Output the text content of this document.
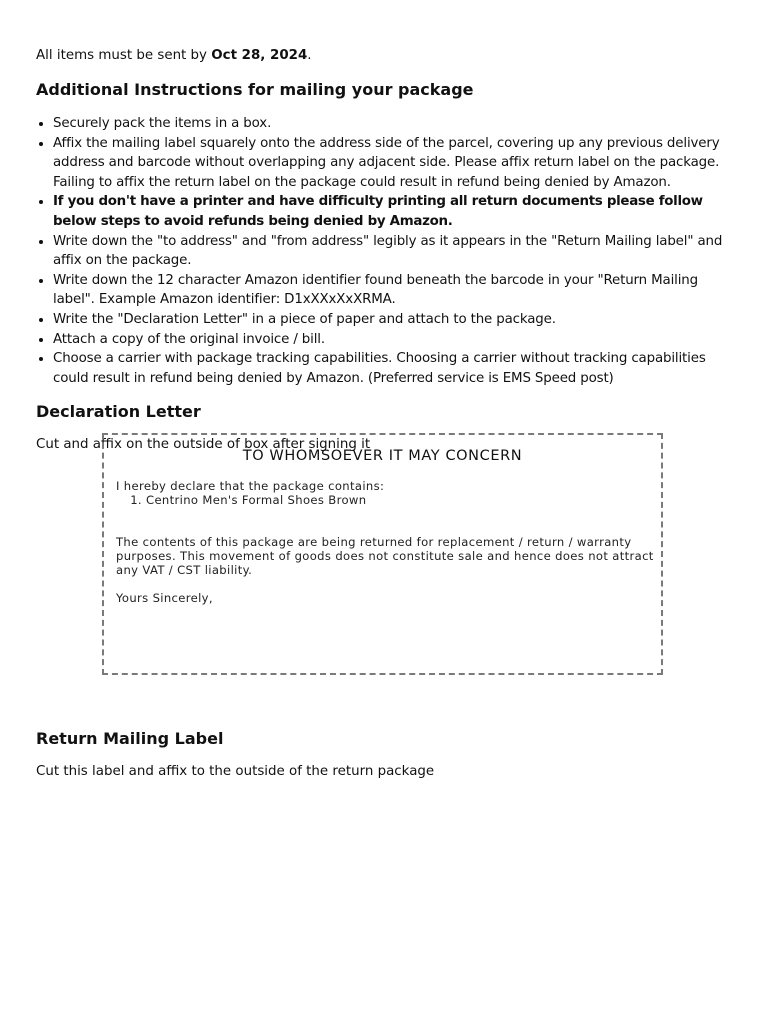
All items must be sent by Oct 28, 2024.
Additional Instructions for mailing your package
• Securely pack the items in a box.
• Affix the mailing label squarely onto the address side of the parcel, covering up any previous delivery address and barcode without overlapping any adjacent side. Please affix return label on the package. Failing to affix the return label on the package could result in refund being denied by Amazon.
• If you don't have a printer and have difficulty printing all return documents please follow below steps to avoid refunds being denied by Amazon.
• Write down the "to address" and "from address" legibly as it appears in the "Return Mailing label" and affix on the package.
• Write down the 12 character Amazon identifier found beneath the barcode in your "Return Mailing label". Example Amazon identifier: D1xXXxXxXRMA.
• Write the "Declaration Letter" in a piece of paper and attach to the package.
• Attach a copy of the original invoice / bill.
• Choose a carrier with package tracking capabilities. Choosing a carrier without tracking capabilities could result in refund being denied by Amazon. (Preferred service is EMS Speed post)
Declaration Letter
Cut and affix on the outside of box after signing it
TO WHOMSOEVER IT MAY CONCERN
I hereby declare that the package contains:
1. Centrino Men's Formal Shoes Brown
The contents of this package are being returned for replacement / return / warranty purposes. This movement of goods does not constitute sale and hence does not attract any VAT / CST liability.
Yours Sincerely,
Return Mailing Label
Cut this label and affix to the outside of the return package
